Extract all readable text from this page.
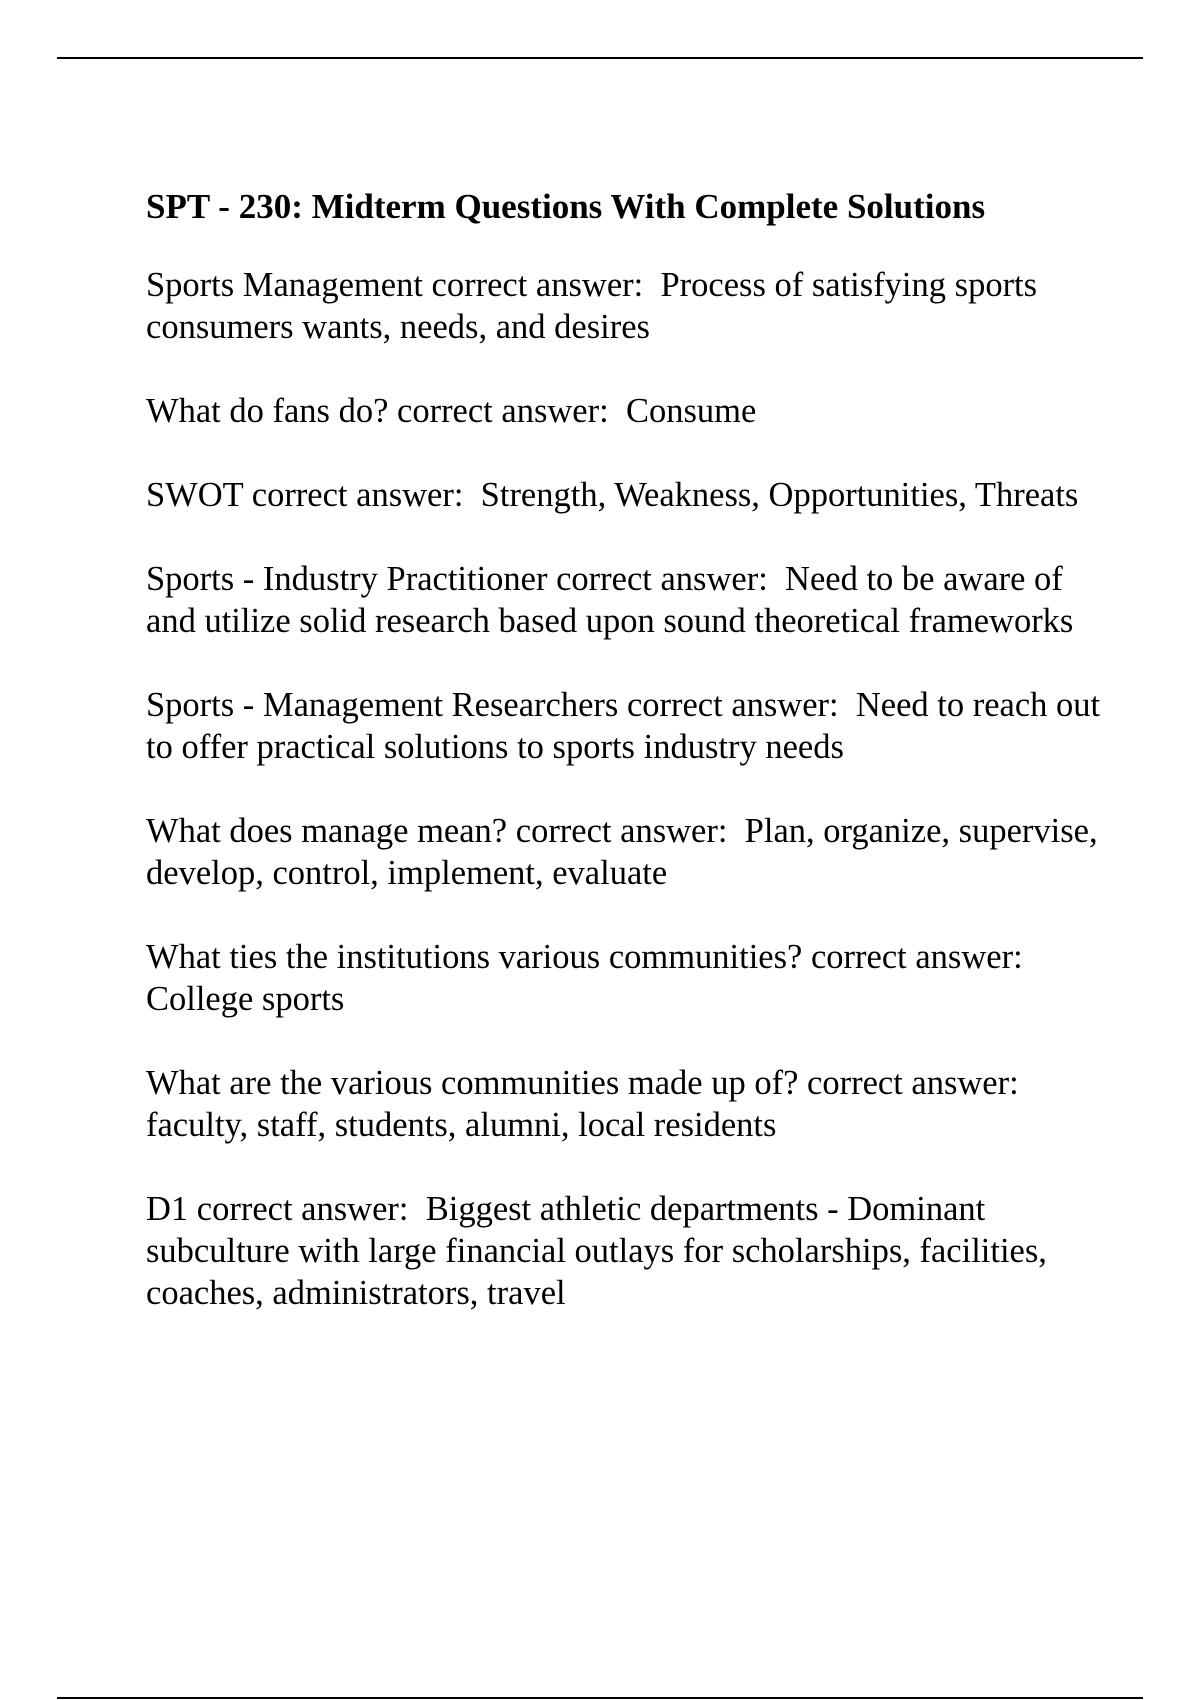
SPT - 230: Midterm Questions With Complete Solutions
Sports Management correct answer: Process of satisfying sports consumers wants, needs, and desires
What do fans do? correct answer: Consume
SWOT correct answer: Strength, Weakness, Opportunities, Threats
Sports - Industry Practitioner correct answer: Need to be aware of and utilize solid research based upon sound theoretical frameworks
Sports - Management Researchers correct answer: Need to reach out to offer practical solutions to sports industry needs
What does manage mean? correct answer: Plan, organize, supervise, develop, control, implement, evaluate
What ties the institutions various communities? correct answer:  College sports
What are the various communities made up of? correct answer:  faculty, staff, students, alumni, local residents
D1 correct answer: Biggest athletic departments - Dominant subculture with large financial outlays for scholarships, facilities, coaches, administrators, travel
